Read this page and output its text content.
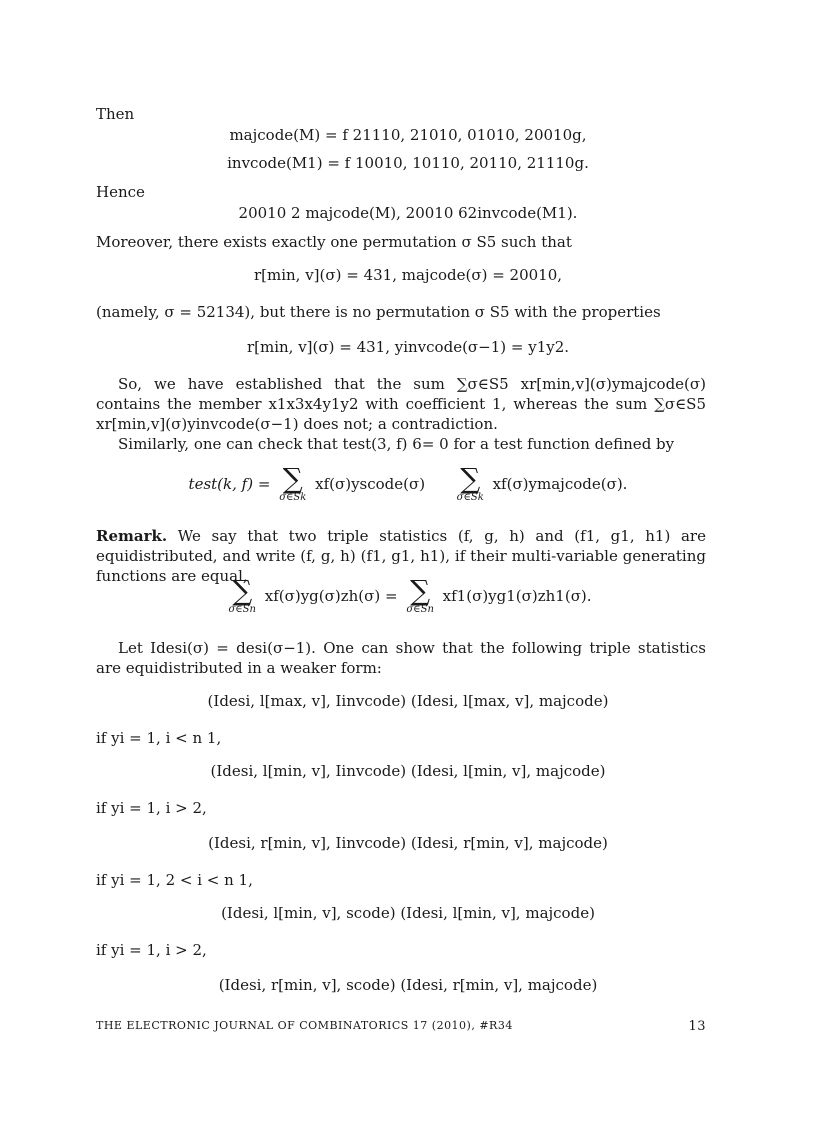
Then
majcode(M) = f 21110, 21010, 01010, 20010g,
invcode(M1) = f 10010, 10110, 20110, 21110g.
Hence
20010 2 majcode(M), 20010 62invcode(M1).
Moreover, there exists exactly one permutation σ S5 such that
r[min, v](σ) = 431, majcode(σ) = 20010,
(namely, σ = 52134), but there is no permutation σ S5 with the properties
r[min, v](σ) = 431, yinvcode(σ−1) = y1y2.
So, we have established that the sum ∑σ∈S5 xr[min,v](σ)ymajcode(σ) contains the member x1x3x4y1y2 with coefficient 1, whereas the sum ∑σ∈S5 xr[min,v](σ)yinvcode(σ−1) does not; a contradiction.
Similarly, one can check that test(3, f) 6= 0 for a test function defined by
test(k, f) = ∑
σ∈Sk
xf(σ)yscode(σ) ∑
σ∈Sk
xf(σ)ymajcode(σ).
Remark. We say that two triple statistics (f, g, h) and (f1, g1, h1) are equidistributed, and write (f, g, h) (f1, g1, h1), if their multi-variable generating functions are equal,
∑
σ∈Sn
xf(σ)yg(σ)zh(σ) = ∑
σ∈Sn
xf1(σ)yg1(σ)zh1(σ).
Let Idesi(σ) = desi(σ−1). One can show that the following triple statistics are equidistributed in a weaker form:
(Idesi, l[max, v], Iinvcode) (Idesi, l[max, v], majcode)
if yi = 1, i < n 1,
(Idesi, l[min, v], Iinvcode) (Idesi, l[min, v], majcode)
if yi = 1, i > 2,
(Idesi, r[min, v], Iinvcode) (Idesi, r[min, v], majcode)
if yi = 1, 2 < i < n 1,
(Idesi, l[min, v], scode) (Idesi, l[min, v], majcode)
if yi = 1, i > 2,
(Idesi, r[min, v], scode) (Idesi, r[min, v], majcode)
THE ELECTRONIC JOURNAL OF COMBINATORICS 17 (2010), #R34	13
